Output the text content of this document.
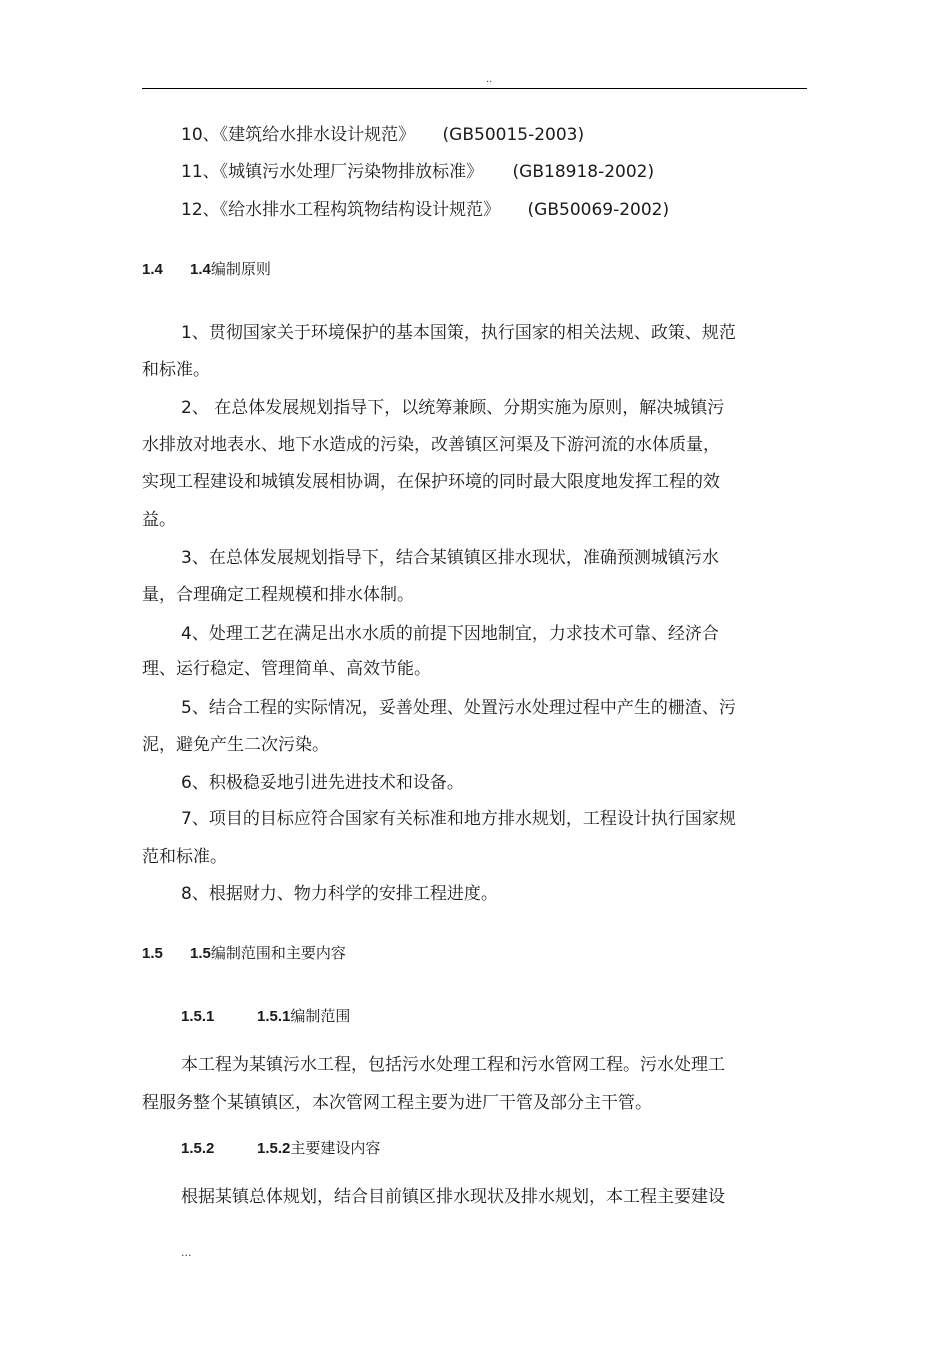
..
10、《建筑给水排水设计规范》 (GB50015-2003)
11、《城镇污水处理厂污染物排放标准》 (GB18918-2002)
12、《给水排水工程构筑物结构设计规范》 (GB50069-2002)
1.4 1.4编制原则
1、贯彻国家关于环境保护的基本国策，执行国家的相关法规、政策、规范
和标准。
2、 在总体发展规划指导下，以统筹兼顾、分期实施为原则，解决城镇污
水排放对地表水、地下水造成的污染，改善镇区河渠及下游河流的水体质量，
实现工程建设和城镇发展相协调，在保护环境的同时最大限度地发挥工程的效
益。
3、在总体发展规划指导下，结合某镇镇区排水现状，准确预测城镇污水
量，合理确定工程规模和排水体制。
4、处理工艺在满足出水水质的前提下因地制宜，力求技术可靠、经济合
理、运行稳定、管理简单、高效节能。
5、结合工程的实际情况，妥善处理、处置污水处理过程中产生的栅渣、污
泥，避免产生二次污染。
6、积极稳妥地引进先进技术和设备。
7、项目的目标应符合国家有关标准和地方排水规划，工程设计执行国家规
范和标准。
8、根据财力、物力科学的安排工程进度。
1.5 1.5编制范围和主要内容
1.5.1	1.5.1编制范围
本工程为某镇污水工程，包括污水处理工程和污水管网工程。污水处理工
程服务整个某镇镇区，本次管网工程主要为进厂干管及部分主干管。
1.5.2	1.5.2主要建设内容
根据某镇总体规划，结合目前镇区排水现状及排水规划，本工程主要建设
...
